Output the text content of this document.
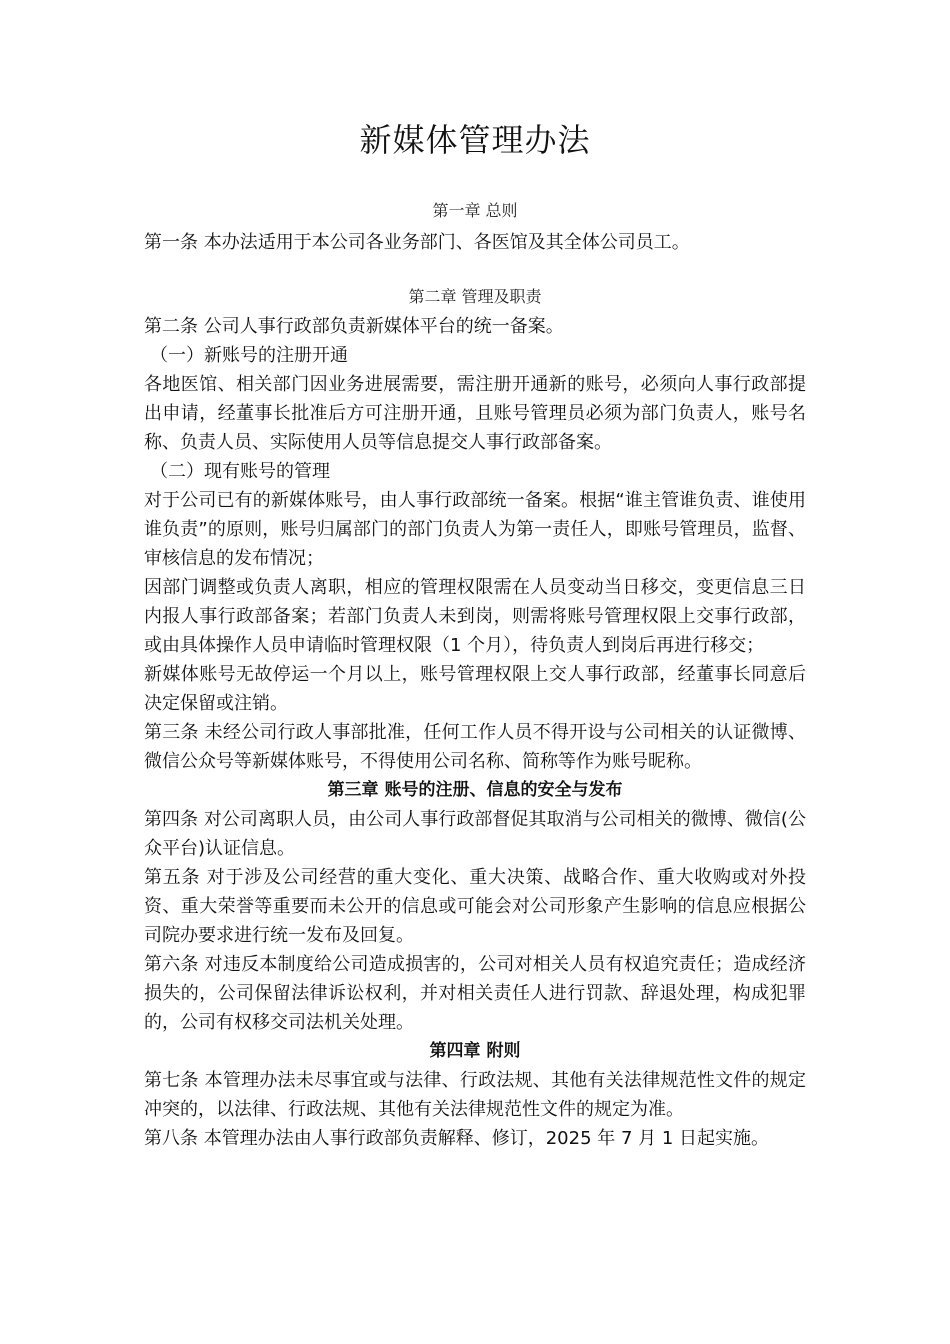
新媒体管理办法

第一章 总则

第一条 本办法适用于本公司各业务部门、各医馆及其全体公司员工。

第二章 管理及职责

第二条 公司人事行政部负责新媒体平台的统一备案。

（一）新账号的注册开通

各地医馆、相关部门因业务进展需要，需注册开通新的账号，必须向人事行政部提出申请，经董事长批准后方可注册开通，且账号管理员必须为部门负责人，账号名称、负责人员、实际使用人员等信息提交人事行政部备案。

（二）现有账号的管理

对于公司已有的新媒体账号，由人事行政部统一备案。根据“谁主管谁负责、谁使用谁负责”的原则，账号归属部门的部门负责人为第一责任人，即账号管理员，监督、审核信息的发布情况；

因部门调整或负责人离职，相应的管理权限需在人员变动当日移交，变更信息三日内报人事行政部备案；若部门负责人未到岗，则需将账号管理权限上交事行政部，或由具体操作人员申请临时管理权限（1 个月），待负责人到岗后再进行移交；

新媒体账号无故停运一个月以上，账号管理权限上交人事行政部，经董事长同意后决定保留或注销。

第三条 未经公司行政人事部批准，任何工作人员不得开设与公司相关的认证微博、微信公众号等新媒体账号，不得使用公司名称、简称等作为账号昵称。

第三章 账号的注册、信息的安全与发布

第四条 对公司离职人员，由公司人事行政部督促其取消与公司相关的微博、微信(公众平台)认证信息。

第五条 对于涉及公司经营的重大变化、重大决策、战略合作、重大收购或对外投资、重大荣誉等重要而未公开的信息或可能会对公司形象产生影响的信息应根据公司院办要求进行统一发布及回复。

第六条 对违反本制度给公司造成损害的，公司对相关人员有权追究责任；造成经济损失的，公司保留法律诉讼权利，并对相关责任人进行罚款、辞退处理，构成犯罪的，公司有权移交司法机关处理。

第四章 附则

第七条 本管理办法未尽事宜或与法律、行政法规、其他有关法律规范性文件的规定冲突的，以法律、行政法规、其他有关法律规范性文件的规定为准。

第八条 本管理办法由人事行政部负责解释、修订，2025 年 7 月 1 日起实施。
